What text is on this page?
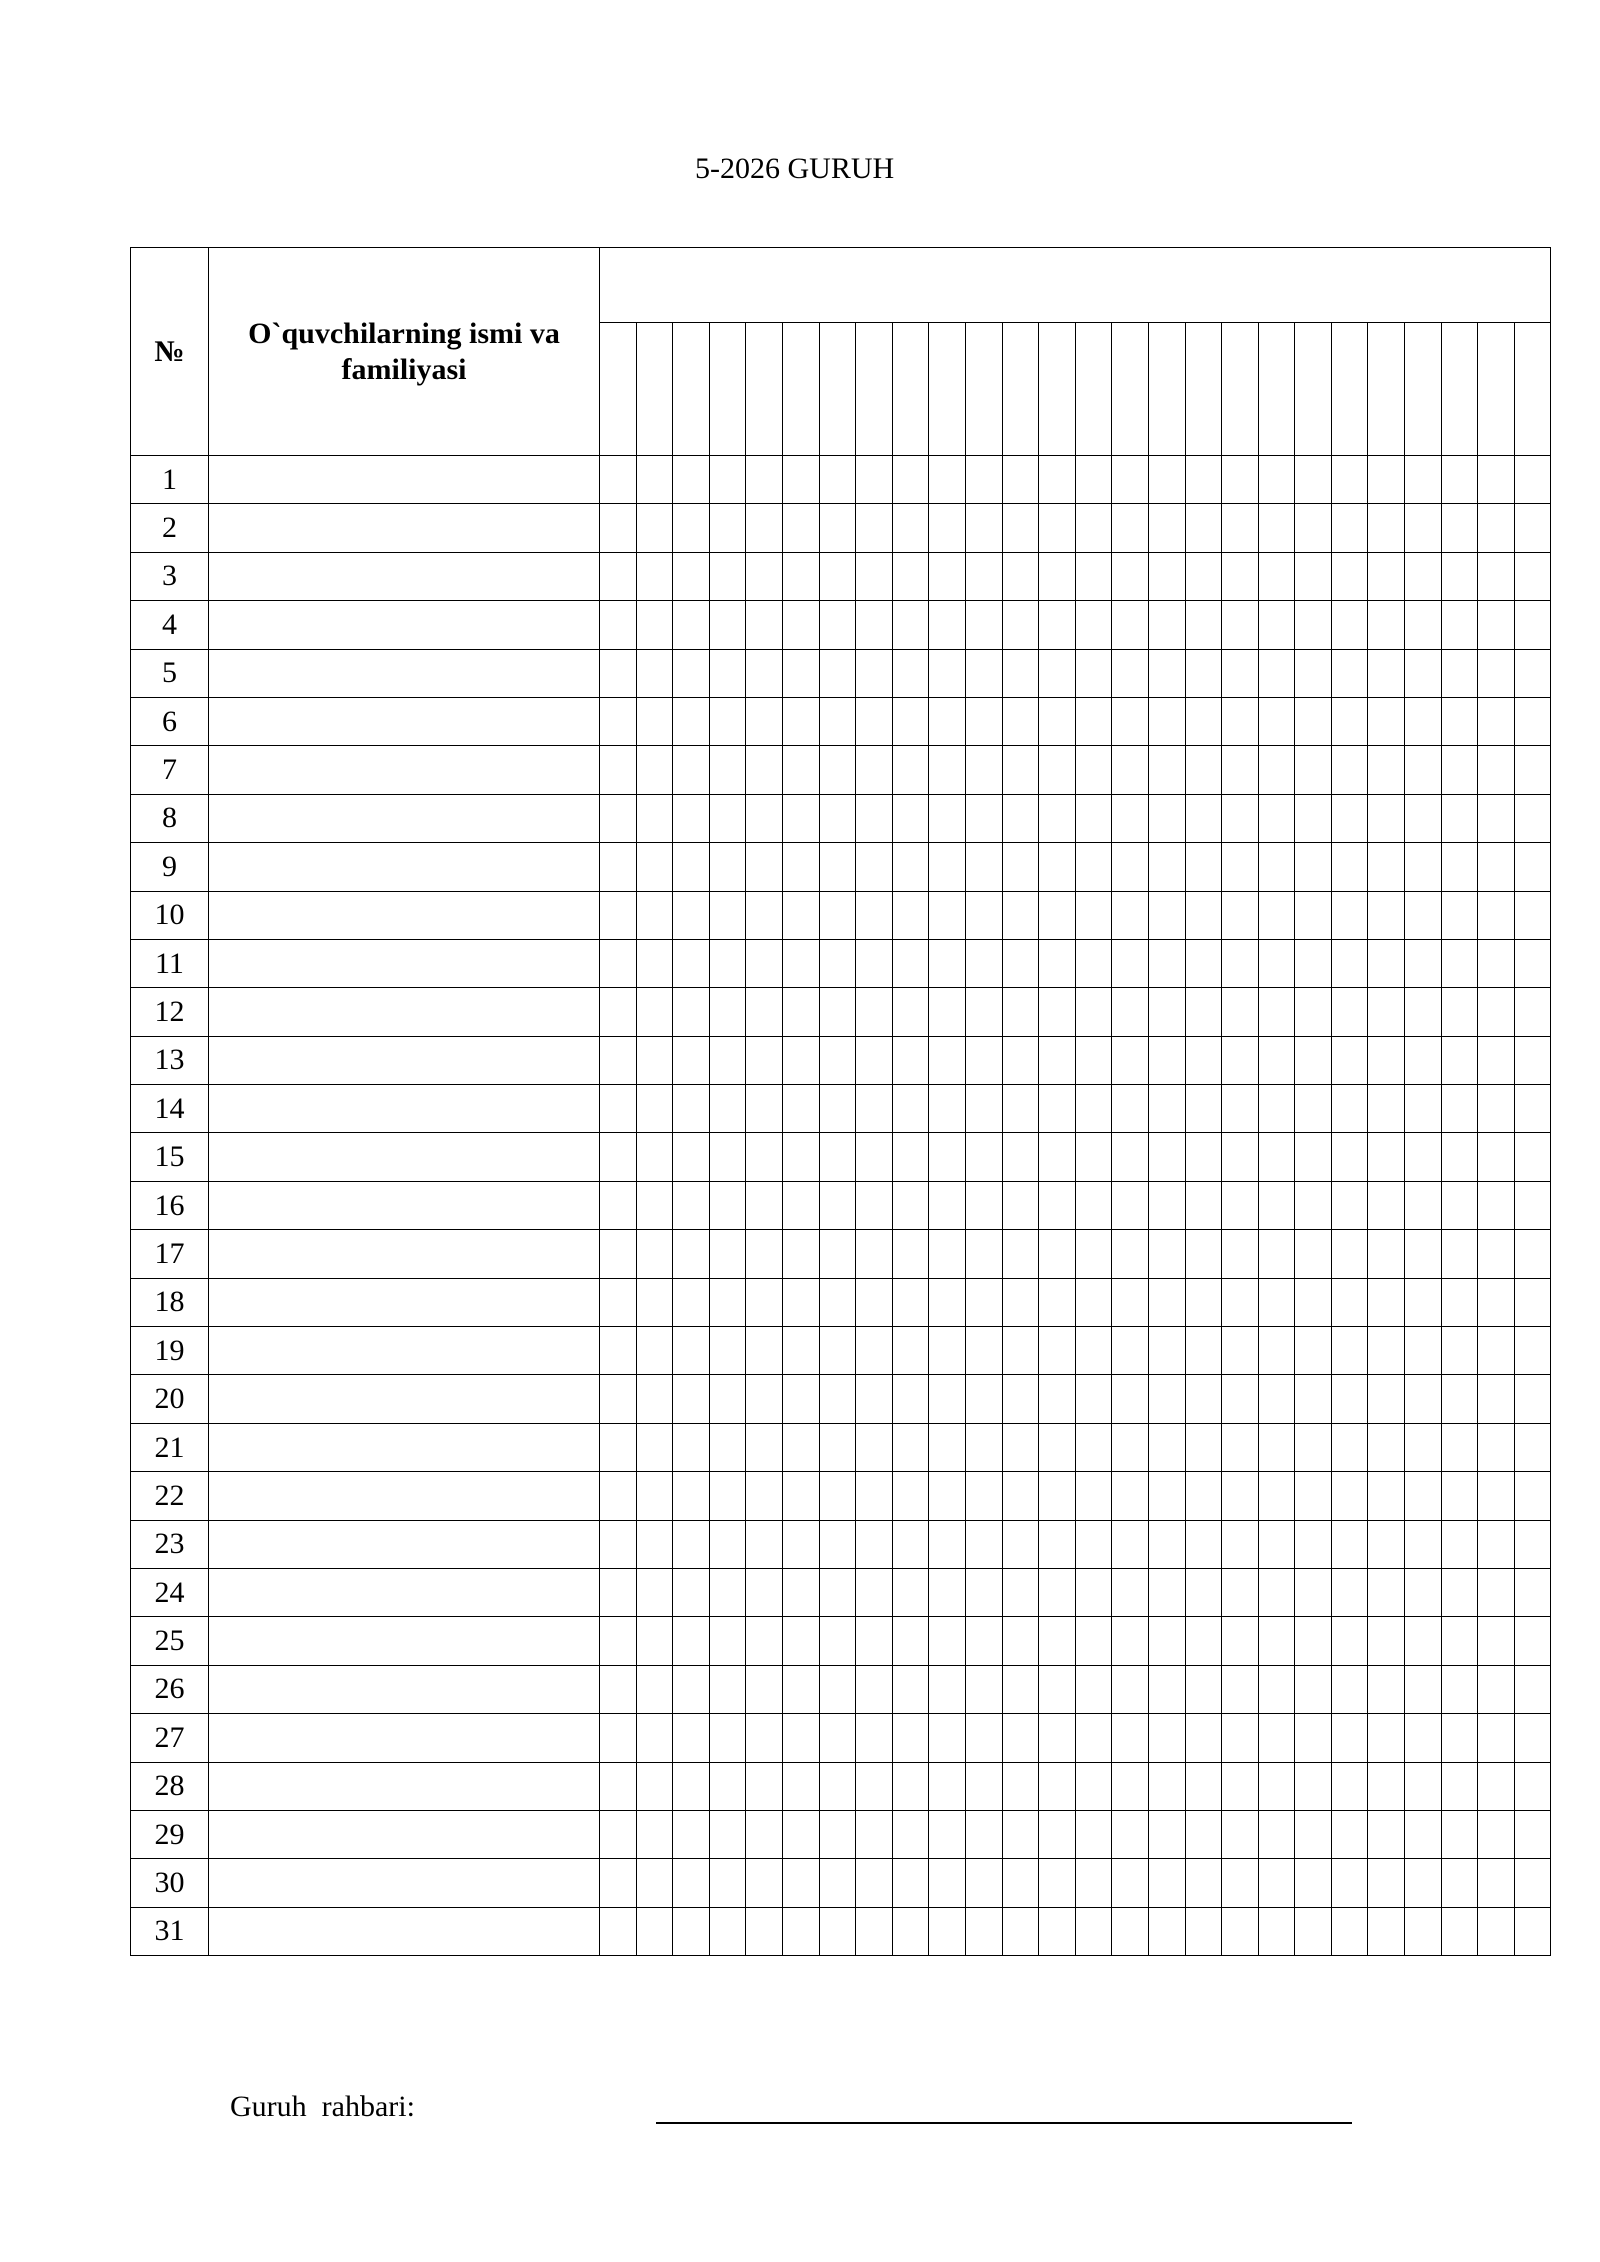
5-2026 GURUH
№	O`quvchilarning ismi va familiyasi																										

1																											
2																											
3																											
4																											
5																											
6																											
7																											
8																											
9																											
10																											
11																											
12																											
13																											
14																											
15																											
16																											
17																											
18																											
19																											
20																											
21																											
22																											
23																											
24																											
25																											
26																											
27																											
28																											
29																											
30																											
31																											
Guruh  rahbari:
